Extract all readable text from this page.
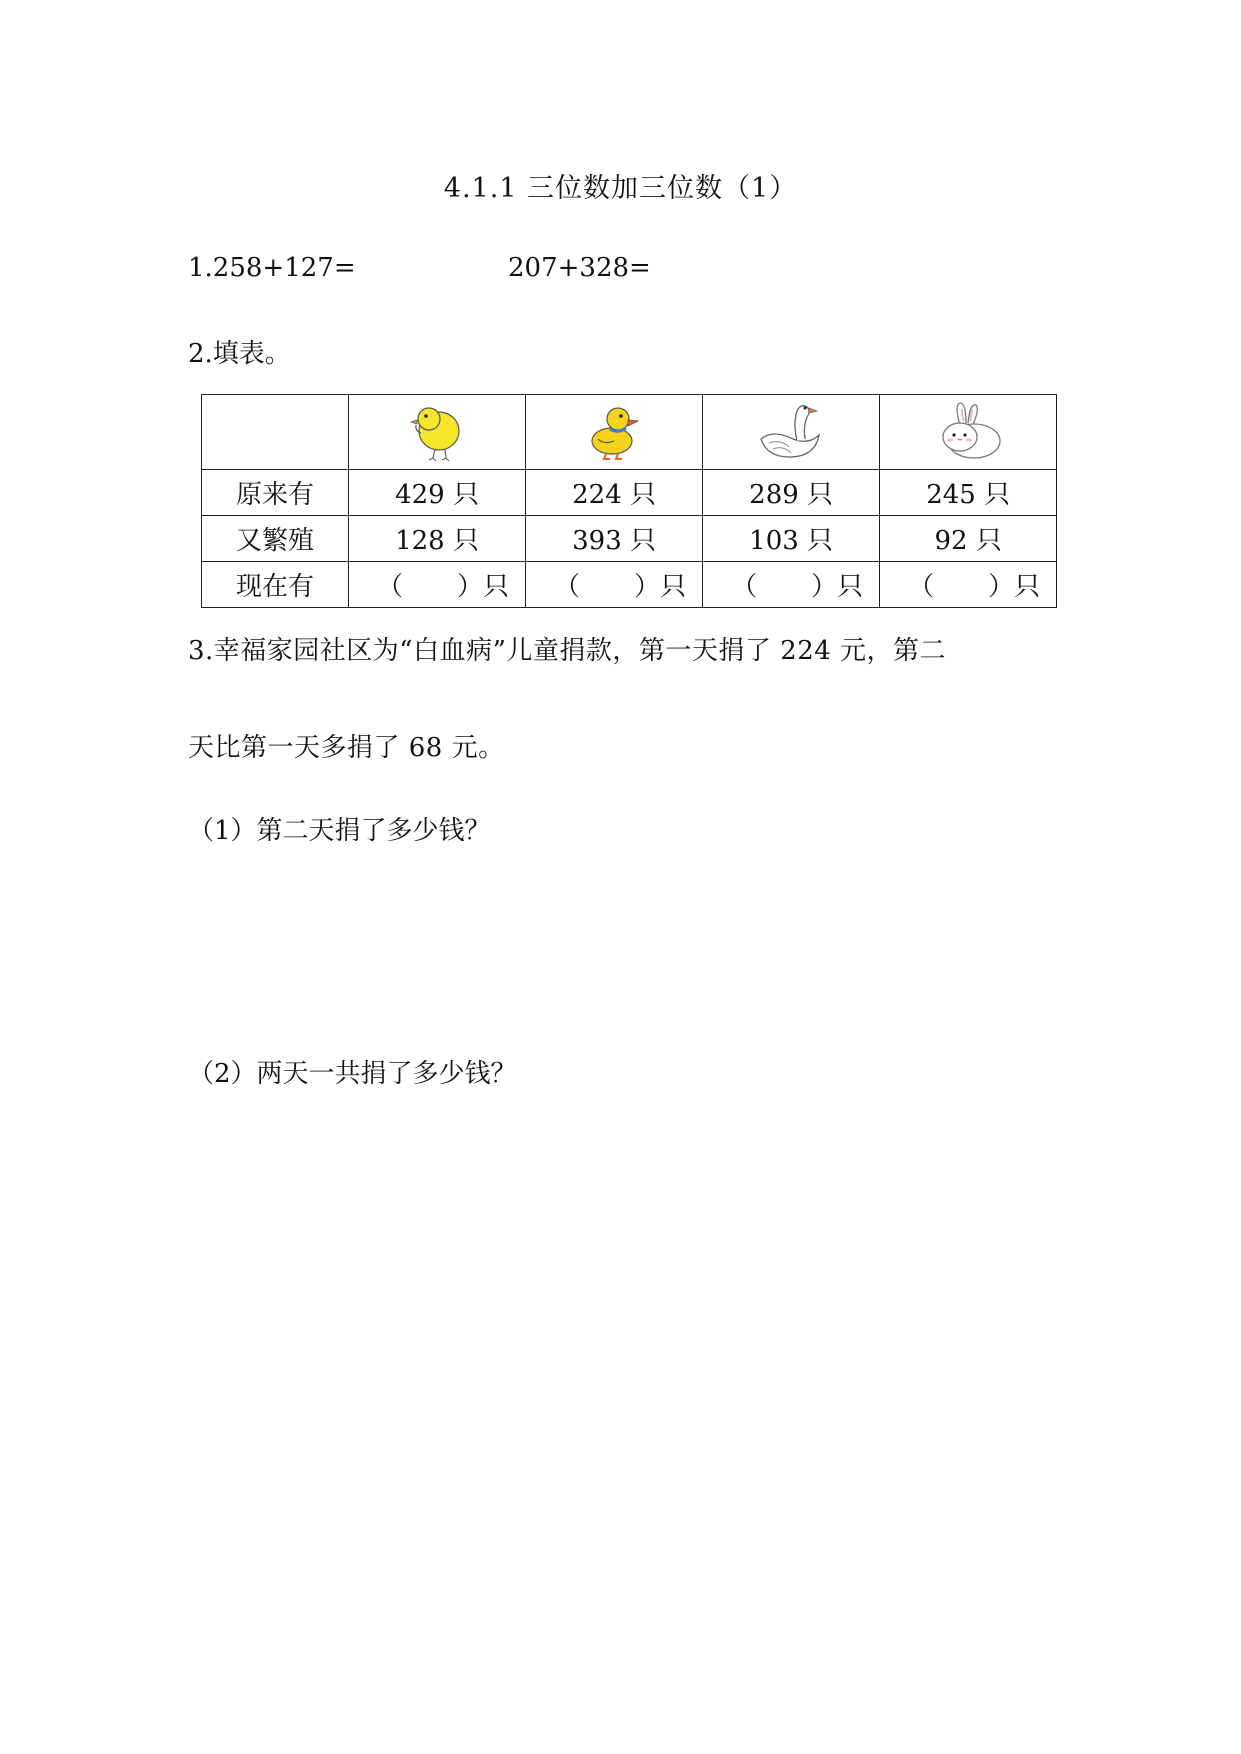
4.1.1 三位数加三位数（1）
1.258+127=	207+328=
2.填表。

原来有	429 只	224 只	289 只	245 只
又繁殖	128 只	393 只	103 只	92 只
现在有	（ ） 只	（ ） 只	（ ） 只	（ ） 只
3.幸福家园社区为“白血病”儿童捐款，第一天捐了 224 元，第二
天比第一天多捐了 68 元。
（1）第二天捐了多少钱？
（2）两天一共捐了多少钱？
